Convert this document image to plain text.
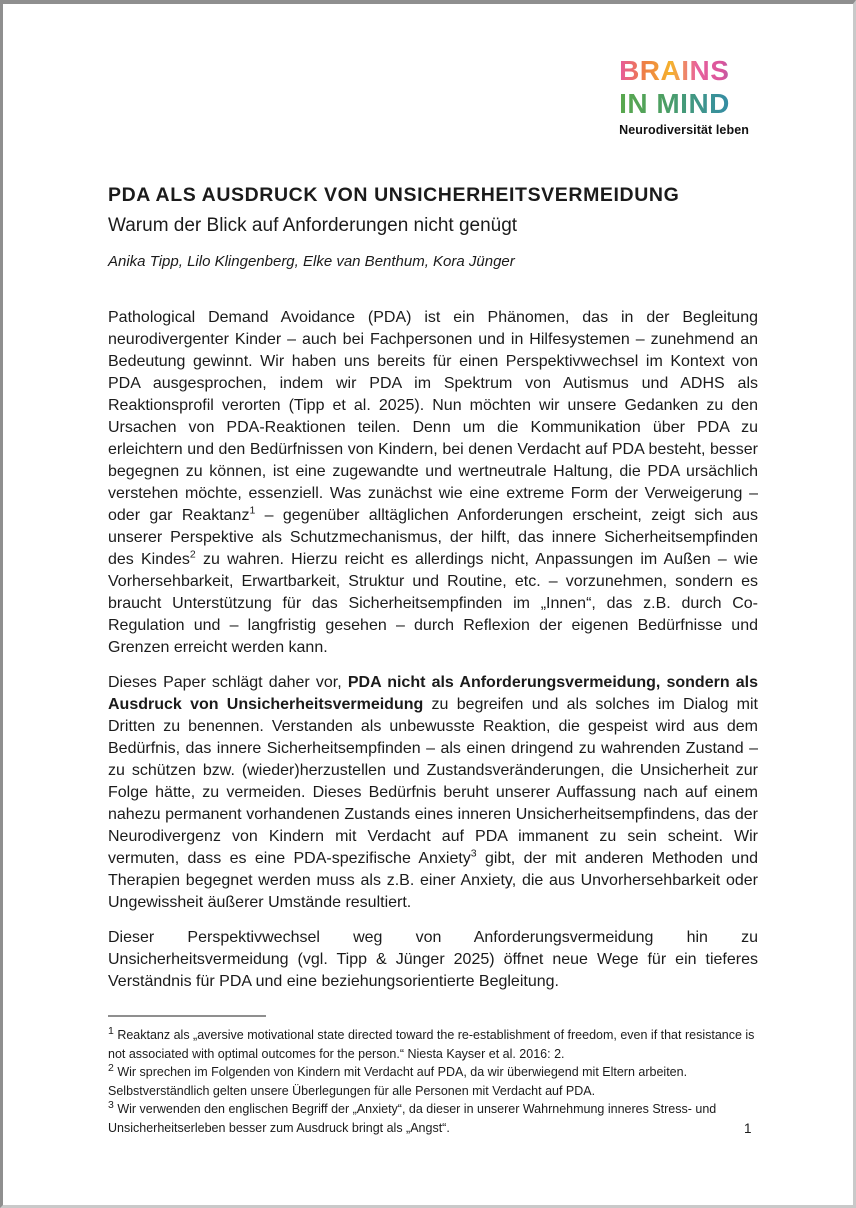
BRAINS
IN MIND
Neurodiversität leben
PDA ALS AUSDRUCK VON UNSICHERHEITSVERMEIDUNG
Warum der Blick auf Anforderungen nicht genügt
Anika Tipp, Lilo Klingenberg, Elke van Benthum, Kora Jünger

Pathological Demand Avoidance (PDA) ist ein Phänomen, das in der Begleitung neurodivergenter Kinder – auch bei Fachpersonen und in Hilfesystemen – zunehmend an Bedeutung gewinnt. Wir haben uns bereits für einen Perspektivwechsel im Kontext von PDA ausgesprochen, indem wir PDA im Spektrum von Autismus und ADHS als Reaktionsprofil verorten (Tipp et al. 2025). Nun möchten wir unsere Gedanken zu den Ursachen von PDA-Reaktionen teilen. Denn um die Kommunikation über PDA zu erleichtern und den Bedürfnissen von Kindern, bei denen Verdacht auf PDA besteht, besser begegnen zu können, ist eine zugewandte und wertneutrale Haltung, die PDA ursächlich verstehen möchte, essenziell. Was zunächst wie eine extreme Form der Verweigerung – oder gar Reaktanz$^1$ – gegenüber alltäglichen Anforderungen erscheint, zeigt sich aus unserer Perspektive als Schutzmechanismus, der hilft, das innere Sicherheitsempfinden des Kindes$^2$ zu wahren. Hierzu reicht es allerdings nicht, Anpassungen im Außen – wie Vorhersehbarkeit, Erwartbarkeit, Struktur und Routine, etc. – vorzunehmen, sondern es braucht Unterstützung für das Sicherheitsempfinden im „Innen“, das z.B. durch Co-Regulation und – langfristig gesehen – durch Reflexion der eigenen Bedürfnisse und Grenzen erreicht werden kann.

Dieses Paper schlägt daher vor, PDA nicht als Anforderungsvermeidung, sondern als Ausdruck von Unsicherheitsvermeidung zu begreifen und als solches im Dialog mit Dritten zu benennen. Verstanden als unbewusste Reaktion, die gespeist wird aus dem Bedürfnis, das innere Sicherheitsempfinden – als einen dringend zu wahrenden Zustand – zu schützen bzw. (wieder)herzustellen und Zustandsveränderungen, die Unsicherheit zur Folge hätte, zu vermeiden. Dieses Bedürfnis beruht unserer Auffassung nach auf einem nahezu permanent vorhandenen Zustands eines inneren Unsicherheitsempfindens, das der Neurodivergenz von Kindern mit Verdacht auf PDA immanent zu sein scheint. Wir vermuten, dass es eine PDA-spezifische Anxiety$^3$ gibt, der mit anderen Methoden und Therapien begegnet werden muss als z.B. einer Anxiety, die aus Unvorhersehbarkeit oder Ungewissheit äußerer Umstände resultiert.

Dieser Perspektivwechsel weg von Anforderungsvermeidung hin zu Unsicherheitsvermeidung (vgl. Tipp & Jünger 2025) öffnet neue Wege für ein tieferes Verständnis für PDA und eine beziehungsorientierte Begleitung.

$^1$ Reaktanz als „aversive motivational state directed toward the re-establishment of freedom, even if that resistance is not associated with optimal outcomes for the person.“ Niesta Kayser et al. 2016: 2.
$^2$ Wir sprechen im Folgenden von Kindern mit Verdacht auf PDA, da wir überwiegend mit Eltern arbeiten. Selbstverständlich gelten unsere Überlegungen für alle Personen mit Verdacht auf PDA.
$^3$ Wir verwenden den englischen Begriff der „Anxiety“, da dieser in unserer Wahrnehmung inneres Stress- und Unsicherheitserleben besser zum Ausdruck bringt als „Angst“.	1
